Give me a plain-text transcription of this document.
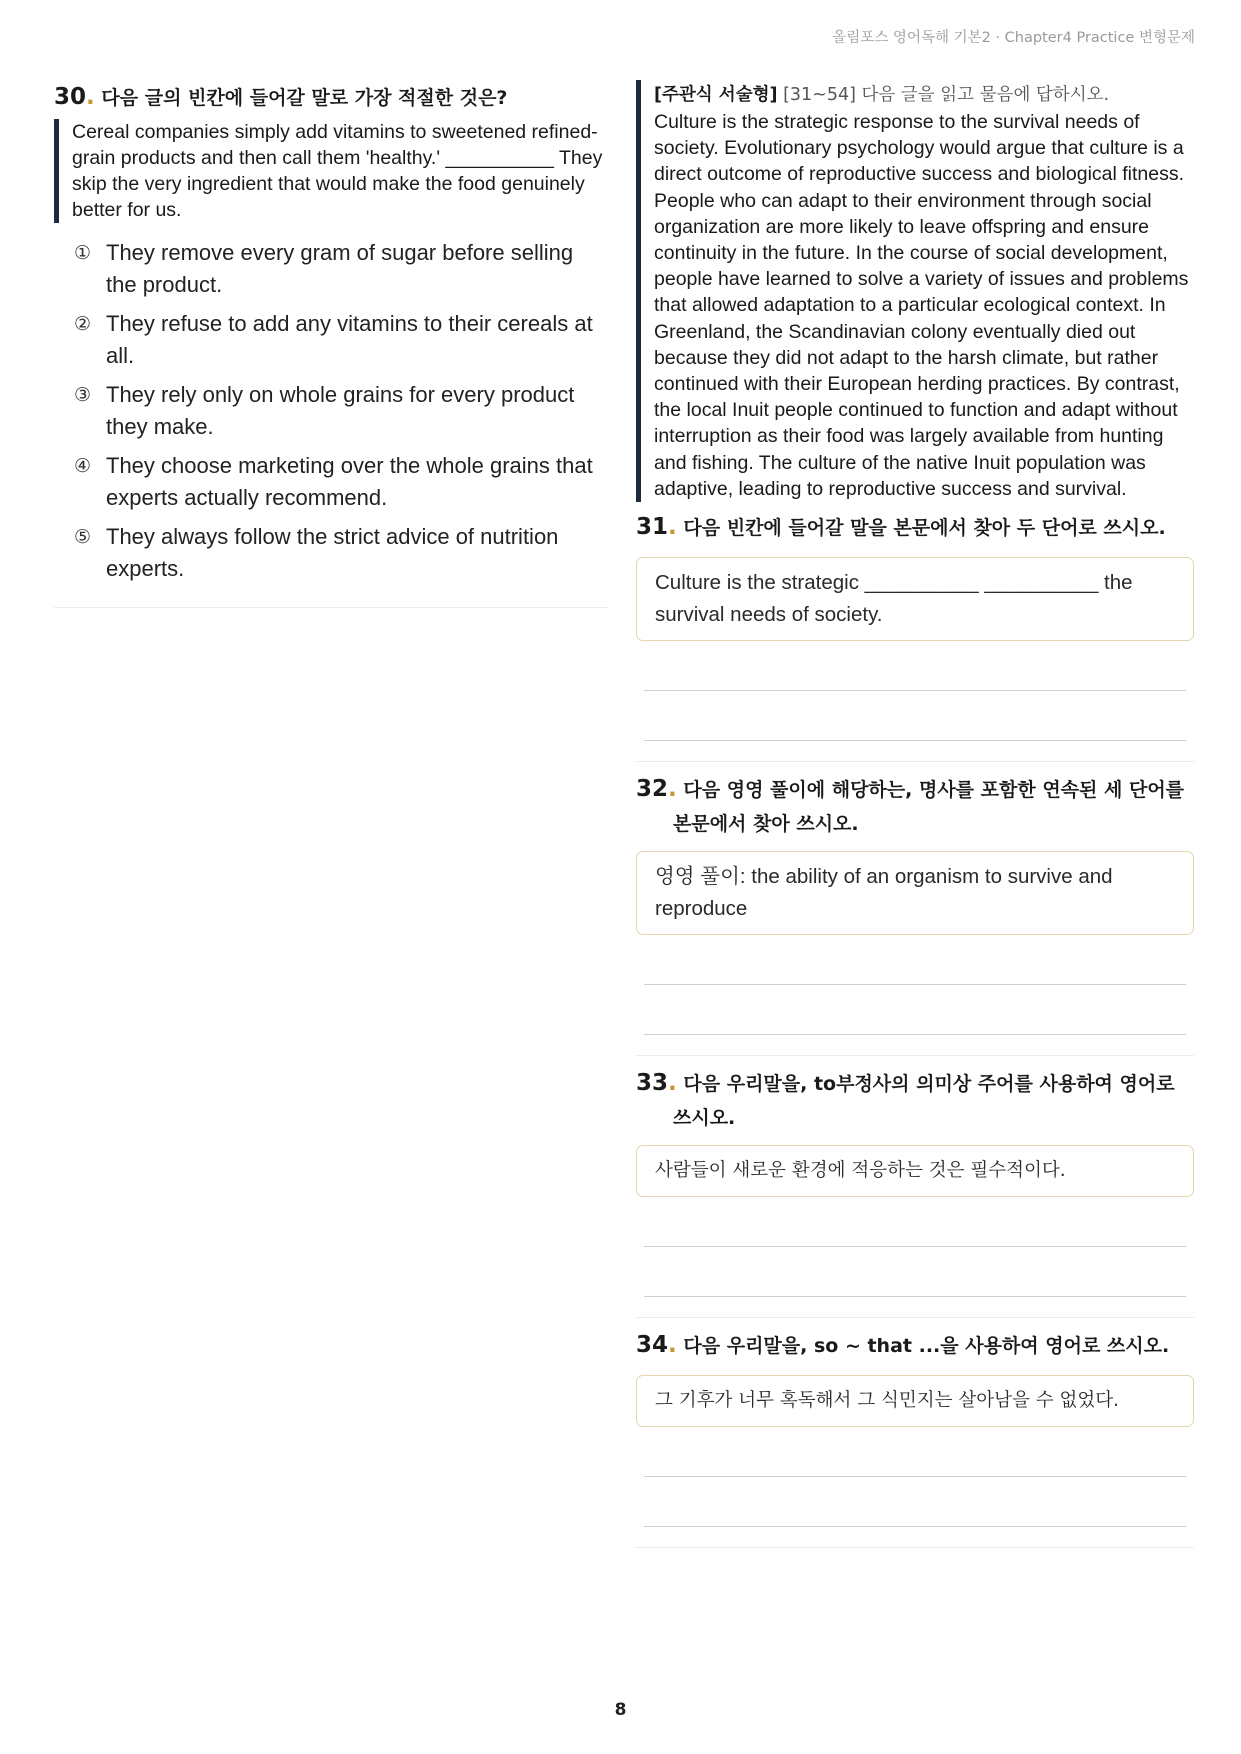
올림포스 영어독해 기본2 · Chapter4 Practice 변형문제
30. 다음 글의 빈칸에 들어갈 말로 가장 적절한 것은?

Cereal companies simply add vitamins to sweetened refined-grain products and then call them 'healthy.' __________ They skip the very ingredient that would make the food genuinely better for us.

① They remove every gram of sugar before selling the product.
② They refuse to add any vitamins to their cereals at all.
③ They rely only on whole grains for every product they make.
④ They choose marketing over the whole grains that experts actually recommend.
⑤ They always follow the strict advice of nutrition experts.
[주관식 서술형] [31~54] 다음 글을 읽고 물음에 답하시오.

Culture is the strategic response to the survival needs of society. Evolutionary psychology would argue that culture is a direct outcome of reproductive success and biological fitness. People who can adapt to their environment through social organization are more likely to leave offspring and ensure continuity in the future. In the course of social development, people have learned to solve a variety of issues and problems that allowed adaptation to a particular ecological context. In Greenland, the Scandinavian colony eventually died out because they did not adapt to the harsh climate, but rather continued with their European herding practices. By contrast, the local Inuit people continued to function and adapt without interruption as their food was largely available from hunting and fishing. The culture of the native Inuit population was adaptive, leading to reproductive success and survival.

31. 다음 빈칸에 들어갈 말을 본문에서 찾아 두 단어로 쓰시오.
Culture is the strategic __________ __________ the survival needs of society.
32. 다음 영영 풀이에 해당하는, 명사를 포함한 연속된 세 단어를
본문에서 찾아 쓰시오.
영영 풀이: the ability of an organism to survive and reproduce
33. 다음 우리말을, to부정사의 의미상 주어를 사용하여 영어로
쓰시오.
사람들이 새로운 환경에 적응하는 것은 필수적이다.
34. 다음 우리말을, so ~ that ...을 사용하여 영어로 쓰시오.
그 기후가 너무 혹독해서 그 식민지는 살아남을 수 없었다.
8
